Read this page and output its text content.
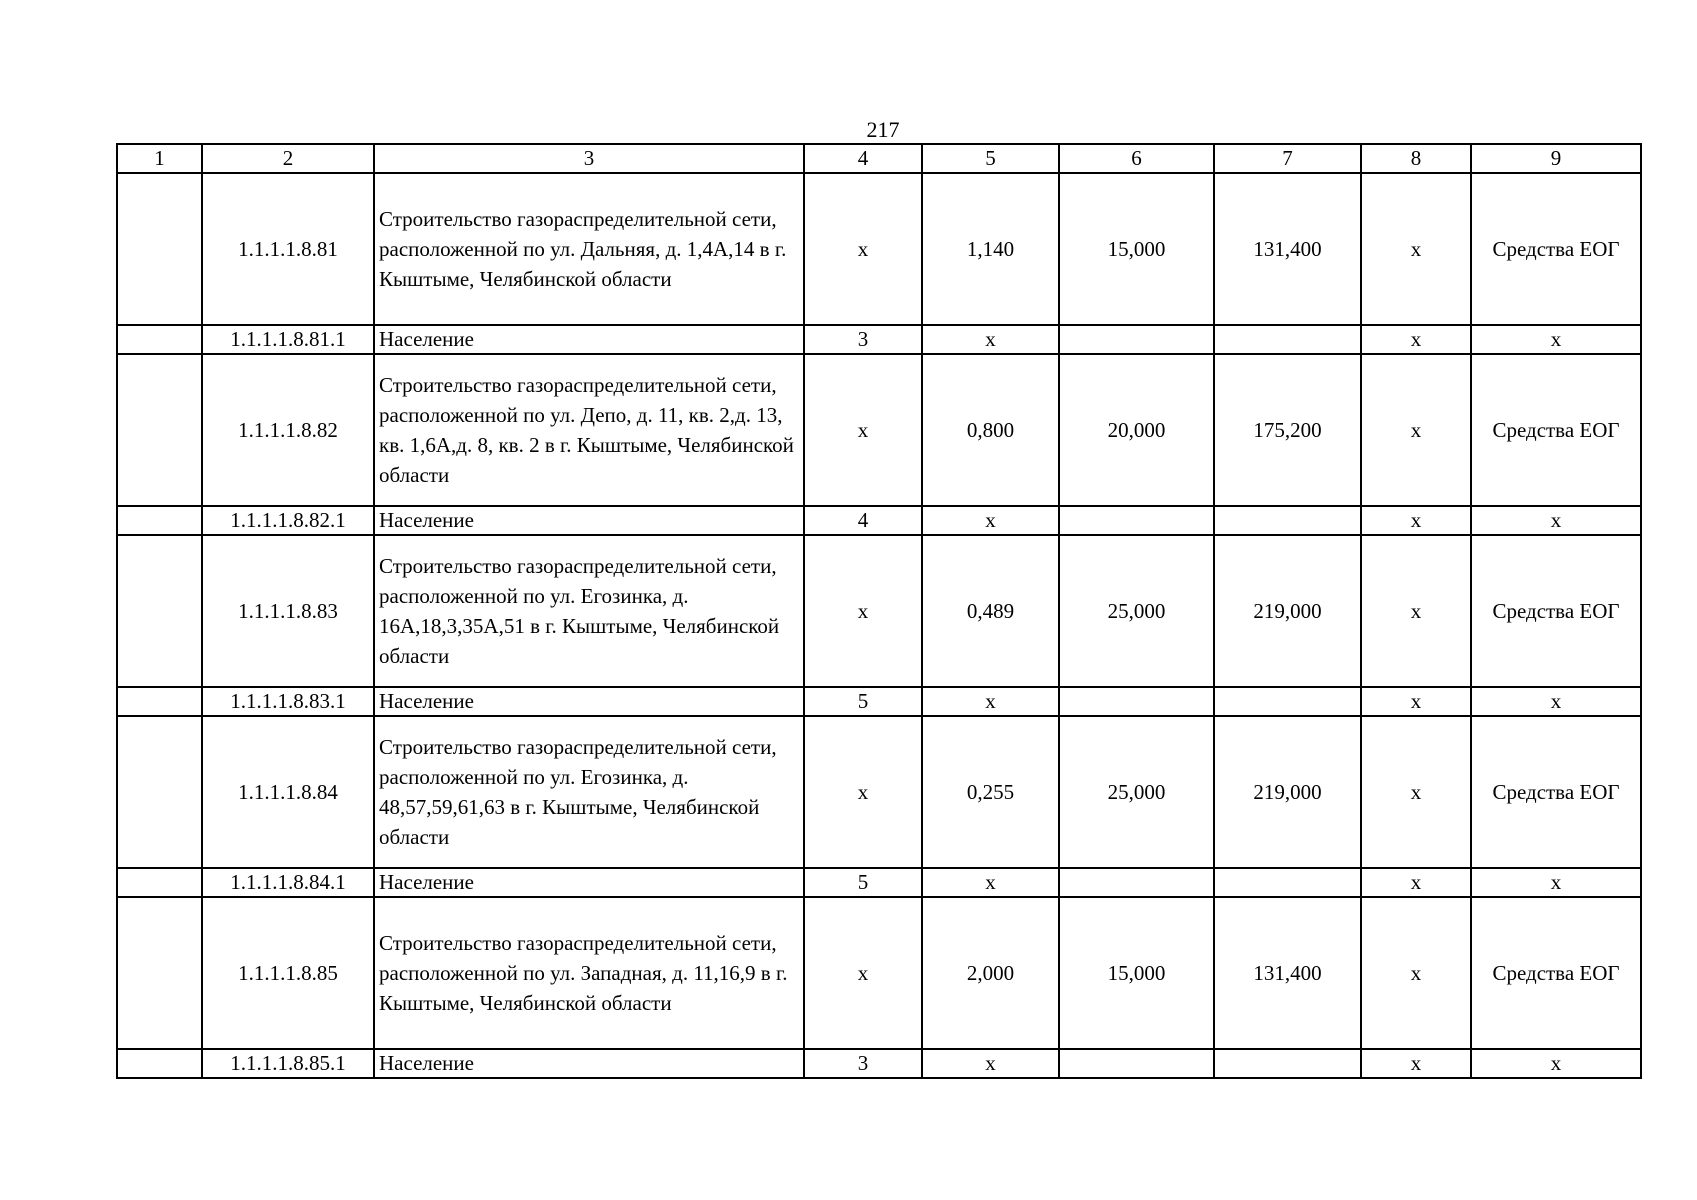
217
1	2	3	4	5	6	7	8	9
	1.1.1.1.8.81	Строительство газораспределительной сети, расположенной по ул. Дальняя, д. 1,4А,14 в г. Кыштыме, Челябинской области	х	1,140	15,000	131,400	х	Средства ЕОГ
	1.1.1.1.8.81.1	Население	3	х			х	х
	1.1.1.1.8.82	Строительство газораспределительной сети, расположенной по ул. Депо, д. 11, кв. 2,д. 13, кв. 1,6А,д. 8, кв. 2 в г. Кыштыме, Челябинской области	х	0,800	20,000	175,200	х	Средства ЕОГ
	1.1.1.1.8.82.1	Население	4	х			х	х
	1.1.1.1.8.83	Строительство газораспределительной сети, расположенной по ул. Егозинка, д. 16А,18,3,35А,51 в г. Кыштыме, Челябинской области	х	0,489	25,000	219,000	х	Средства ЕОГ
	1.1.1.1.8.83.1	Население	5	х			х	х
	1.1.1.1.8.84	Строительство газораспределительной сети, расположенной по ул. Егозинка, д. 48,57,59,61,63 в г. Кыштыме, Челябинской области	х	0,255	25,000	219,000	х	Средства ЕОГ
	1.1.1.1.8.84.1	Население	5	х			х	х
	1.1.1.1.8.85	Строительство газораспределительной сети, расположенной по ул. Западная, д. 11,16,9 в г. Кыштыме, Челябинской области	х	2,000	15,000	131,400	х	Средства ЕОГ
	1.1.1.1.8.85.1	Население	3	х			х	х
